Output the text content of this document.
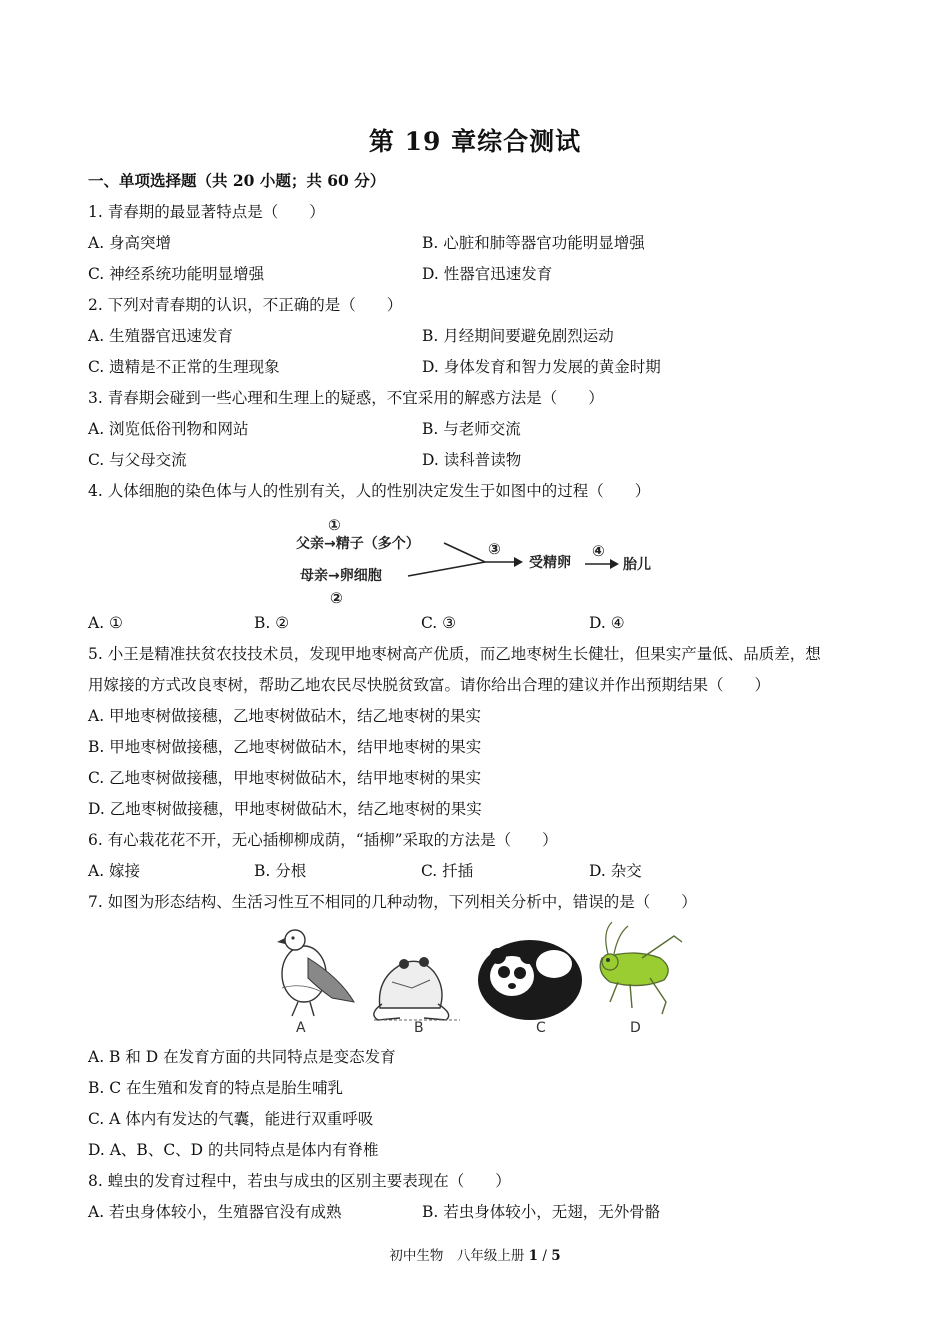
第 19 章综合测试
一、单项选择题（共 20 小题；共 60 分）
1. 青春期的最显著特点是（　　）
A. 身高突增	B. 心脏和肺等器官功能明显增强
C. 神经系统功能明显增强	D. 性器官迅速发育
2. 下列对青春期的认识，不正确的是（　　）
A. 生殖器官迅速发育	B. 月经期间要避免剧烈运动
C. 遗精是不正常的生理现象	D. 身体发育和智力发展的黄金时期
3. 青春期会碰到一些心理和生理上的疑惑，不宜采用的解惑方法是（　　）
A. 浏览低俗刊物和网站	B. 与老师交流
C. 与父母交流	D. 读科普读物
4. 人体细胞的染色体与人的性别有关，人的性别决定发生于如图中的过程（　　）
①
父亲→精子（多个）
母亲→卵细胞
②
③
受精卵
④
胎儿
A. ①	B. ②	C. ③	D. ④
5. 小王是精准扶贫农技技术员，发现甲地枣树高产优质，而乙地枣树生长健壮，但果实产量低、品质差，想
用嫁接的方式改良枣树，帮助乙地农民尽快脱贫致富。请你给出合理的建议并作出预期结果（　　）
A. 甲地枣树做接穗，乙地枣树做砧木，结乙地枣树的果实
B. 甲地枣树做接穗，乙地枣树做砧木，结甲地枣树的果实
C. 乙地枣树做接穗，甲地枣树做砧木，结甲地枣树的果实
D. 乙地枣树做接穗，甲地枣树做砧木，结乙地枣树的果实
6. 有心栽花花不开，无心插柳柳成荫，“插柳”采取的方法是（　　）
A. 嫁接	B. 分根	C. 扦插	D. 杂交
7. 如图为形态结构、生活习性互不相同的几种动物，下列相关分析中，错误的是（　　）
A	B	C	D
A. B 和 D 在发育方面的共同特点是变态发育
B. C 在生殖和发育的特点是胎生哺乳
C. A 体内有发达的气囊，能进行双重呼吸
D. A、B、C、D 的共同特点是体内有脊椎
8. 蝗虫的发育过程中，若虫与成虫的区别主要表现在（　　）
A. 若虫身体较小，生殖器官没有成熟	B. 若虫身体较小，无翅，无外骨骼
初中生物　八年级上册 1 / 5
